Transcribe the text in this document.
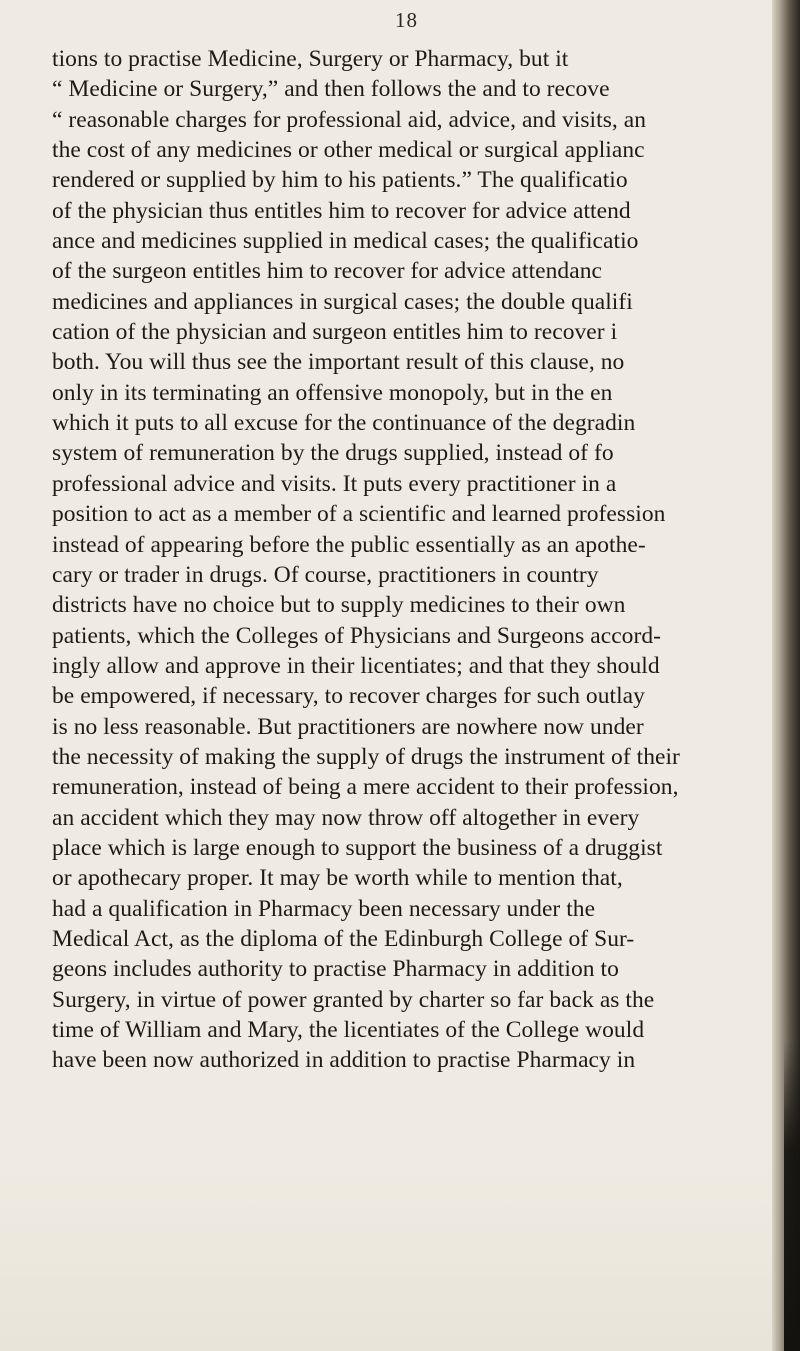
18
tions to practise Medicine, Surgery or Pharmacy, but it
“ Medicine or Surgery,” and then follows the and to recove
“ reasonable charges for professional aid, advice, and visits, an
the cost of any medicines or other medical or surgical applianc
rendered or supplied by him to his patients.” The qualificatio
of the physician thus entitles him to recover for advice attend
ance and medicines supplied in medical cases; the qualificatio
of the surgeon entitles him to recover for advice attendanc
medicines and appliances in surgical cases; the double qualifi
cation of the physician and surgeon entitles him to recover i
both. You will thus see the important result of this clause, no
only in its terminating an offensive monopoly, but in the en
which it puts to all excuse for the continuance of the degradin
system of remuneration by the drugs supplied, instead of fo
professional advice and visits. It puts every practitioner in a
position to act as a member of a scientific and learned profession
instead of appearing before the public essentially as an apothe-
cary or trader in drugs. Of course, practitioners in country
districts have no choice but to supply medicines to their own
patients, which the Colleges of Physicians and Surgeons accord-
ingly allow and approve in their licentiates; and that they should
be empowered, if necessary, to recover charges for such outlay
is no less reasonable. But practitioners are nowhere now under
the necessity of making the supply of drugs the instrument of their
remuneration, instead of being a mere accident to their profession,
an accident which they may now throw off altogether in every
place which is large enough to support the business of a druggist
or apothecary proper. It may be worth while to mention that,
had a qualification in Pharmacy been necessary under the
Medical Act, as the diploma of the Edinburgh College of Sur-
geons includes authority to practise Pharmacy in addition to
Surgery, in virtue of power granted by charter so far back as the
time of William and Mary, the licentiates of the College would
have been now authorized in addition to practise Pharmacy in
